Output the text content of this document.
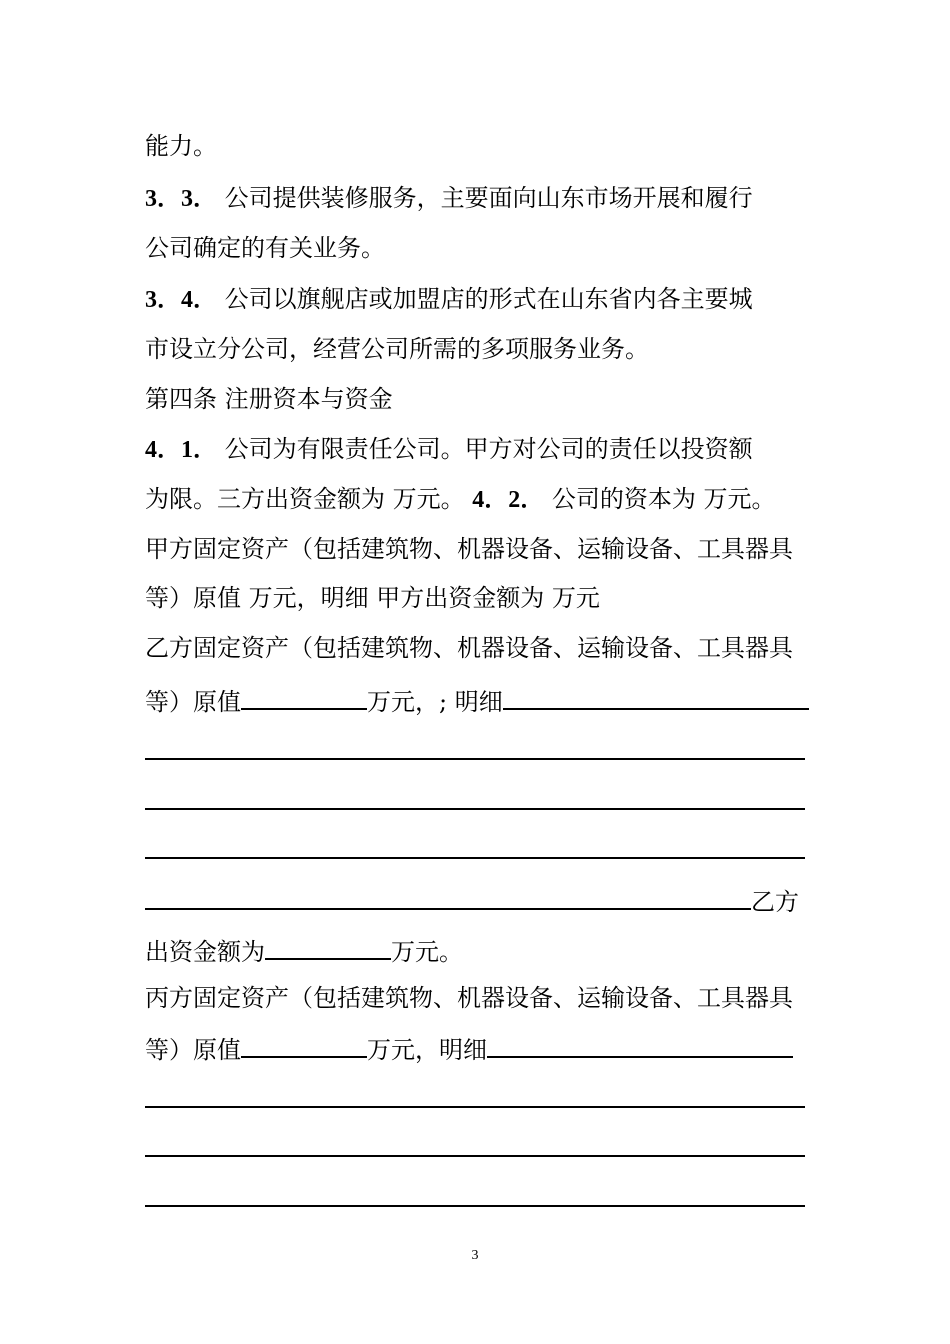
能力。
3．3． 公司提供装修服务，主要面向山东市场开展和履行
公司确定的有关业务。
3．4． 公司以旗舰店或加盟店的形式在山东省内各主要城
市设立分公司，经营公司所需的多项服务业务。
第四条 注册资本与资金
4．1． 公司为有限责任公司。甲方对公司的责任以投资额
为限。三方出资金额为 万元。 4．2． 公司的资本为 万元。
甲方固定资产（包括建筑物、机器设备、运输设备、工具器具
等）原值 万元，明细 甲方出资金额为 万元
乙方固定资产（包括建筑物、机器设备、运输设备、工具器具
等）原值	万元，; 明细
乙方
出资金额为	万元。
丙方固定资产（包括建筑物、机器设备、运输设备、工具器具
等）原值	万元，明细
3
